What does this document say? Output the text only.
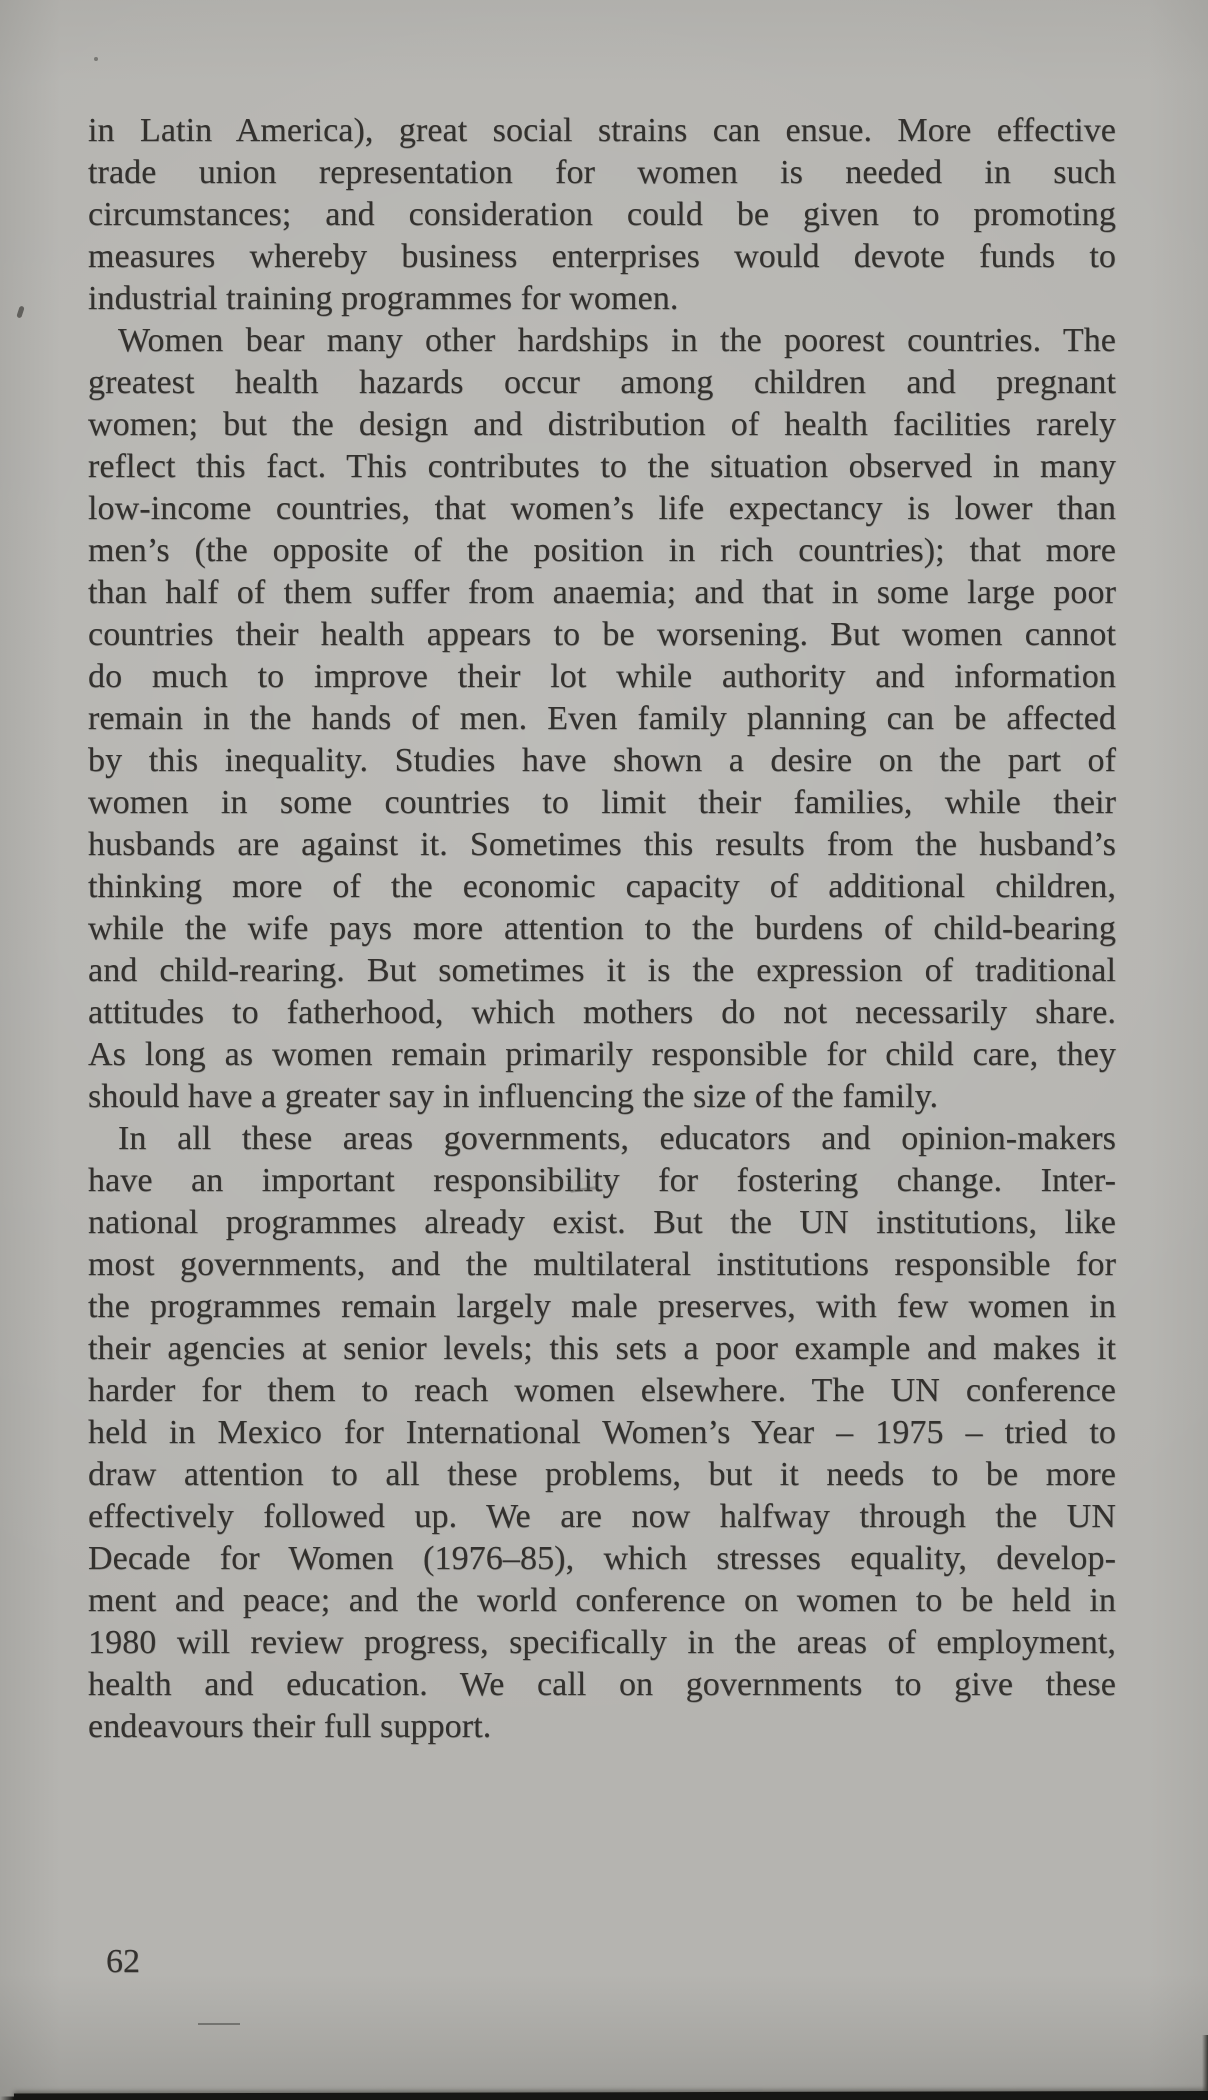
in Latin America), great social strains can ensue. More effective
trade union representation for women is needed in such
circumstances; and consideration could be given to promoting
measures whereby business enterprises would devote funds to
industrial training programmes for women.
Women bear many other hardships in the poorest countries. The
greatest health hazards occur among children and pregnant
women; but the design and distribution of health facilities rarely
reflect this fact. This contributes to the situation observed in many
low-income countries, that women’s life expectancy is lower than
men’s (the opposite of the position in rich countries); that more
than half of them suffer from anaemia; and that in some large poor
countries their health appears to be worsening. But women cannot
do much to improve their lot while authority and information
remain in the hands of men. Even family planning can be affected
by this inequality. Studies have shown a desire on the part of
women in some countries to limit their families, while their
husbands are against it. Sometimes this results from the husband’s
thinking more of the economic capacity of additional children,
while the wife pays more attention to the burdens of child-bearing
and child-rearing. But sometimes it is the expression of traditional
attitudes to fatherhood, which mothers do not necessarily share.
As long as women remain primarily responsible for child care, they
should have a greater say in influencing the size of the family.
In all these areas governments, educators and opinion-makers
have an important responsibility for fostering change. Inter-
national programmes already exist. But the UN institutions, like
most governments, and the multilateral institutions responsible for
the programmes remain largely male preserves, with few women in
their agencies at senior levels; this sets a poor example and makes it
harder for them to reach women elsewhere. The UN conference
held in Mexico for International Women’s Year – 1975 – tried to
draw attention to all these problems, but it needs to be more
effectively followed up. We are now halfway through the UN
Decade for Women (1976–85), which stresses equality, develop-
ment and peace; and the world conference on women to be held in
1980 will review progress, specifically in the areas of employment,
health and education. We call on governments to give these
endeavours their full support.
62
